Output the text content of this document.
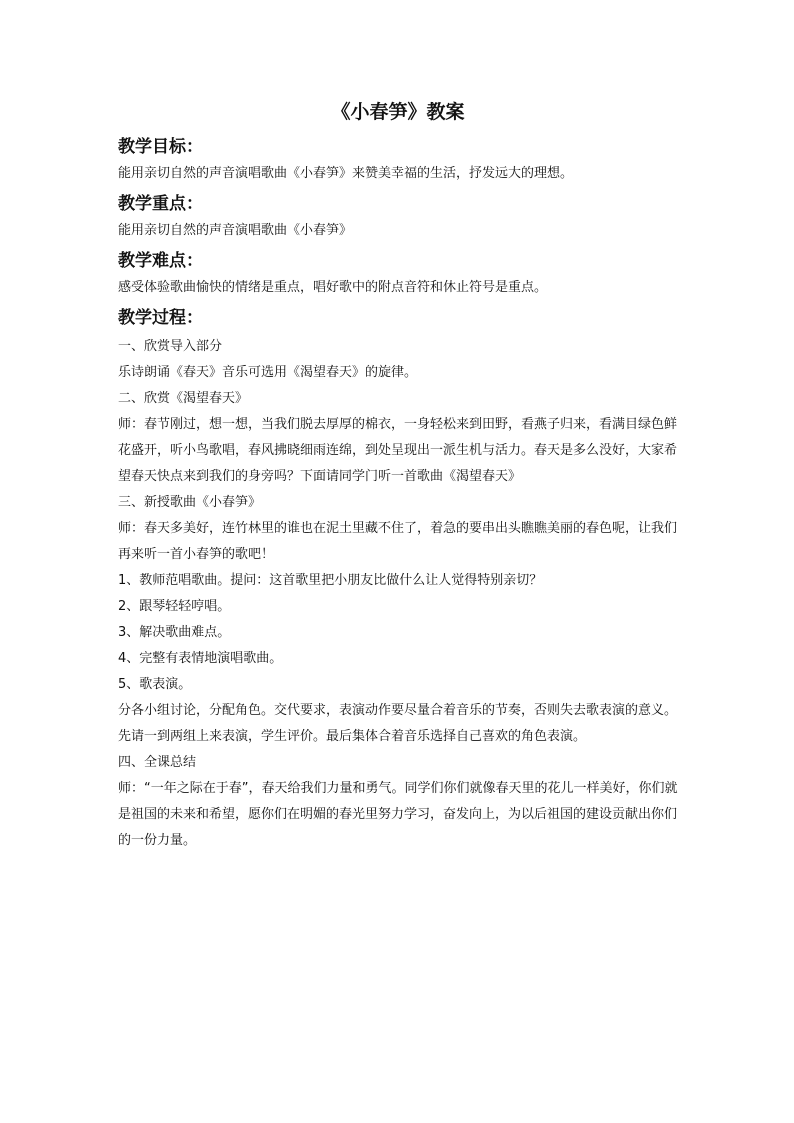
《小春笋》教案
教学目标：
能用亲切自然的声音演唱歌曲《小春笋》来赞美幸福的生活，抒发远大的理想。
教学重点：
能用亲切自然的声音演唱歌曲《小春笋》
教学难点：
感受体验歌曲愉快的情绪是重点，唱好歌中的附点音符和休止符号是重点。
教学过程：
一、欣赏导入部分
乐诗朗诵《春天》音乐可选用《渴望春天》的旋律。
二、欣赏《渴望春天》
师：春节刚过，想一想，当我们脱去厚厚的棉衣，一身轻松来到田野，看燕子归来，看满目绿色鲜花盛开，听小鸟歌唱，春风拂晓细雨连绵，到处呈现出一派生机与活力。春天是多么没好，大家希望春天快点来到我们的身旁吗？下面请同学门听一首歌曲《渴望春天》
三、新授歌曲《小春笋》
师：春天多美好，连竹林里的谁也在泥土里藏不住了，着急的要串出头瞧瞧美丽的春色呢，让我们再来听一首小春笋的歌吧！
1、教师范唱歌曲。提问：这首歌里把小朋友比做什么让人觉得特别亲切？
2、跟琴轻轻哼唱。
3、解决歌曲难点。
4、完整有表情地演唱歌曲。
5、歌表演。
分各小组讨论，分配角色。交代要求，表演动作要尽量合着音乐的节奏，否则失去歌表演的意义。先请一到两组上来表演，学生评价。最后集体合着音乐选择自己喜欢的角色表演。
四、全课总结
师：“一年之际在于春”，春天给我们力量和勇气。同学们你们就像春天里的花儿一样美好，你们就是祖国的未来和希望，愿你们在明媚的春光里努力学习，奋发向上，为以后祖国的建设贡献出你们的一份力量。
